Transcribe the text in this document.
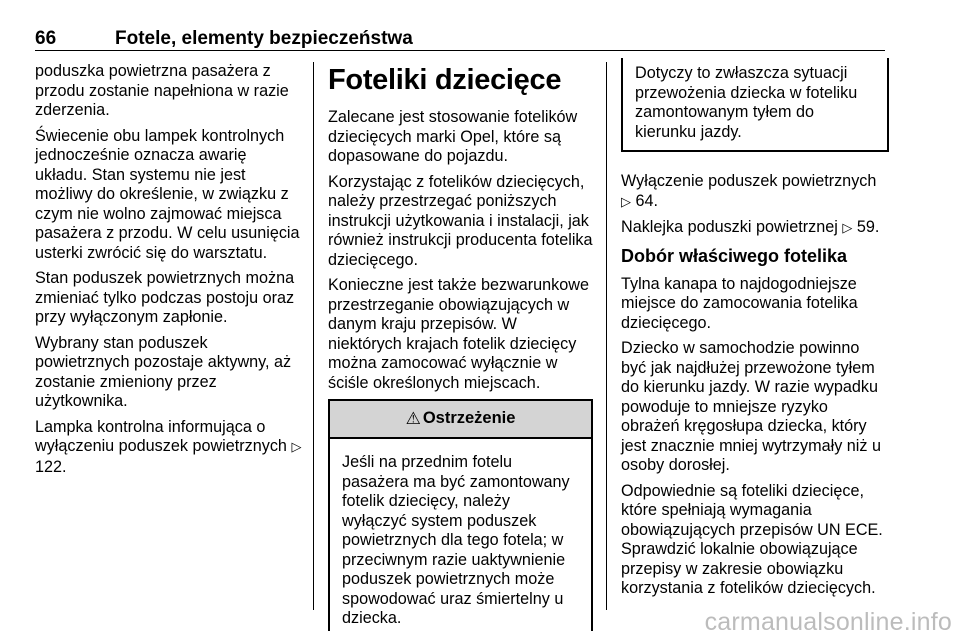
66	Fotele, elementy bezpieczeństwa

poduszka powietrzna pasażera z przodu zostanie napełniona w razie zderzenia.

Świecenie obu lampek kontrolnych jednocześnie oznacza awarię układu. Stan systemu nie jest możliwy do określenie, w związku z czym nie wolno zajmować miejsca pasażera z przodu. W celu usunięcia usterki zwrócić się do warsztatu.

Stan poduszek powietrznych można zmieniać tylko podczas postoju oraz przy wyłączonym zapłonie.

Wybrany stan poduszek powietrznych pozostaje aktywny, aż zostanie zmieniony przez użytkownika.

Lampka kontrolna informująca o wyłączeniu poduszek powietrznych ▷ 122.

Foteliki dziecięce

Zalecane jest stosowanie fotelików dziecięcych marki Opel, które są dopasowane do pojazdu.

Korzystając z fotelików dziecięcych, należy przestrzegać poniższych instrukcji użytkowania i instalacji, jak również instrukcji producenta fotelika dziecięcego.

Konieczne jest także bezwarunkowe przestrzeganie obowiązujących w danym kraju przepisów. W niektórych krajach fotelik dziecięcy można zamocować wyłącznie w ściśle określonych miejscach.

⚠ Ostrzeżenie
Jeśli na przednim fotelu pasażera ma być zamontowany fotelik dziecięcy, należy wyłączyć system poduszek powietrznych dla tego fotela; w przeciwnym razie uaktywnienie poduszek powietrznych może spowodować uraz śmiertelny u dziecka.
Dotyczy to zwłaszcza sytuacji przewożenia dziecka w foteliku zamontowanym tyłem do kierunku jazdy.

Wyłączenie poduszek powietrznych ▷ 64.

Naklejka poduszki powietrznej ▷ 59.

Dobór właściwego fotelika

Tylna kanapa to najdogodniejsze miejsce do zamocowania fotelika dziecięcego.

Dziecko w samochodzie powinno być jak najdłużej przewożone tyłem do kierunku jazdy. W razie wypadku powoduje to mniejsze ryzyko obrażeń kręgosłupa dziecka, który jest znacznie mniej wytrzymały niż u osoby dorosłej.

Odpowiednie są foteliki dziecięce, które spełniają wymagania obowiązujących przepisów UN ECE. Sprawdzić lokalnie obowiązujące przepisy w zakresie obowiązku korzystania z fotelików dziecięcych.

carmanualsonline.info
